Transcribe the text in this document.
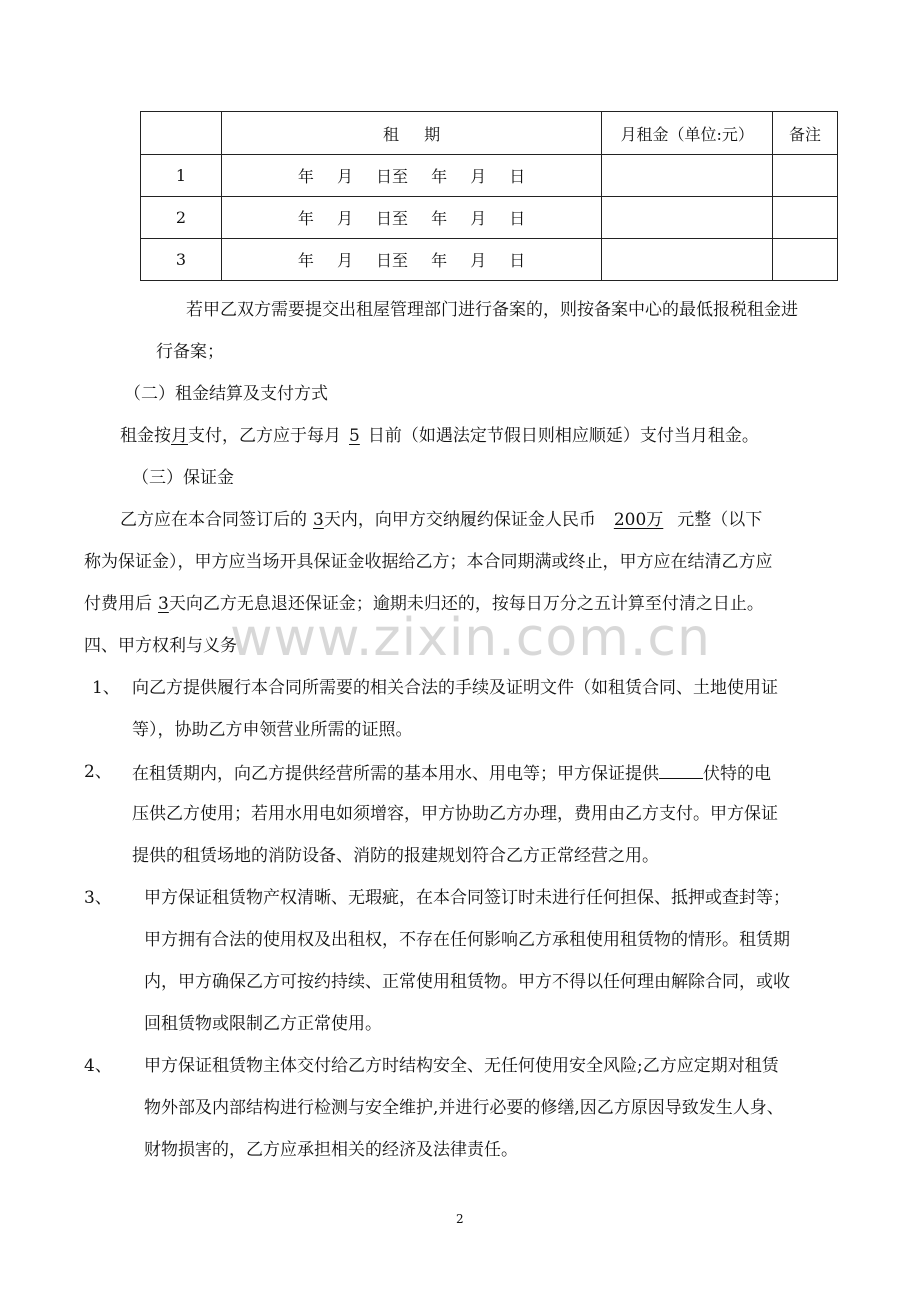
www.zixin.com.cn
	租 期	月租金（单位:元）	备注
1	年 月 日至 年 月 日		
2	年 月 日至 年 月 日		
3	年 月 日至 年 月 日		
若甲乙双方需要提交出租屋管理部门进行备案的，则按备案中心的最低报税租金进
行备案；
（二）租金结算及支付方式
租金按月支付，乙方应于每月 5 日前（如遇法定节假日则相应顺延）支付当月租金。
（三）保证金
乙方应在本合同签订后的 3天内，向甲方交纳履约保证金人民币 200万 元整（以下
称为保证金），甲方应当场开具保证金收据给乙方；本合同期满或终止，甲方应在结清乙方应
付费用后 3天向乙方无息退还保证金；逾期未归还的，按每日万分之五计算至付清之日止。
四、甲方权利与义务
1、 向乙方提供履行本合同所需要的相关合法的手续及证明文件（如租赁合同、土地使用证
等），协助乙方申领营业所需的证照。
2、 在租赁期内，向乙方提供经营所需的基本用水、用电等；甲方保证提供	伏特的电
压供乙方使用；若用水用电如须增容，甲方协助乙方办理，费用由乙方支付。甲方保证
提供的租赁场地的消防设备、消防的报建规划符合乙方正常经营之用。
3、 甲方保证租赁物产权清晰、无瑕疵，在本合同签订时未进行任何担保、抵押或查封等；
甲方拥有合法的使用权及出租权，不存在任何影响乙方承租使用租赁物的情形。租赁期
内，甲方确保乙方可按约持续、正常使用租赁物。甲方不得以任何理由解除合同，或收
回租赁物或限制乙方正常使用。
4、 甲方保证租赁物主体交付给乙方时结构安全、无任何使用安全风险;乙方应定期对租赁
物外部及内部结构进行检测与安全维护,并进行必要的修缮,因乙方原因导致发生人身、
财物损害的，乙方应承担相关的经济及法律责任。
2
